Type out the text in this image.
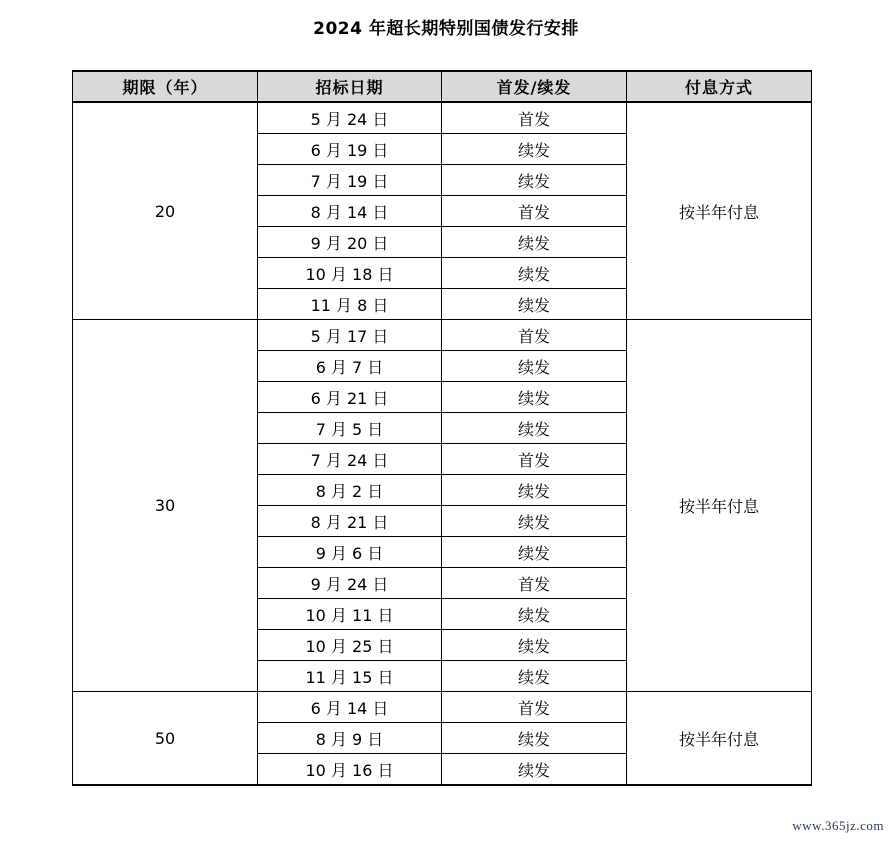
2024 年超长期特别国债发行安排
期限（年）	招标日期	首发/续发	付息方式
20	5 月 24 日	首发	按半年付息
	6 月 19 日	续发	
	7 月 19 日	续发	
	8 月 14 日	首发	
	9 月 20 日	续发	
	10 月 18 日	续发	
	11 月 8 日	续发	
30	5 月 17 日	首发	按半年付息
	6 月 7 日	续发	
	6 月 21 日	续发	
	7 月 5 日	续发	
	7 月 24 日	首发	
	8 月 2 日	续发	
	8 月 21 日	续发	
	9 月 6 日	续发	
	9 月 24 日	首发	
	10 月 11 日	续发	
	10 月 25 日	续发	
	11 月 15 日	续发	
50	6 月 14 日	首发	按半年付息
	8 月 9 日	续发	
	10 月 16 日	续发	
www.365jz.com
